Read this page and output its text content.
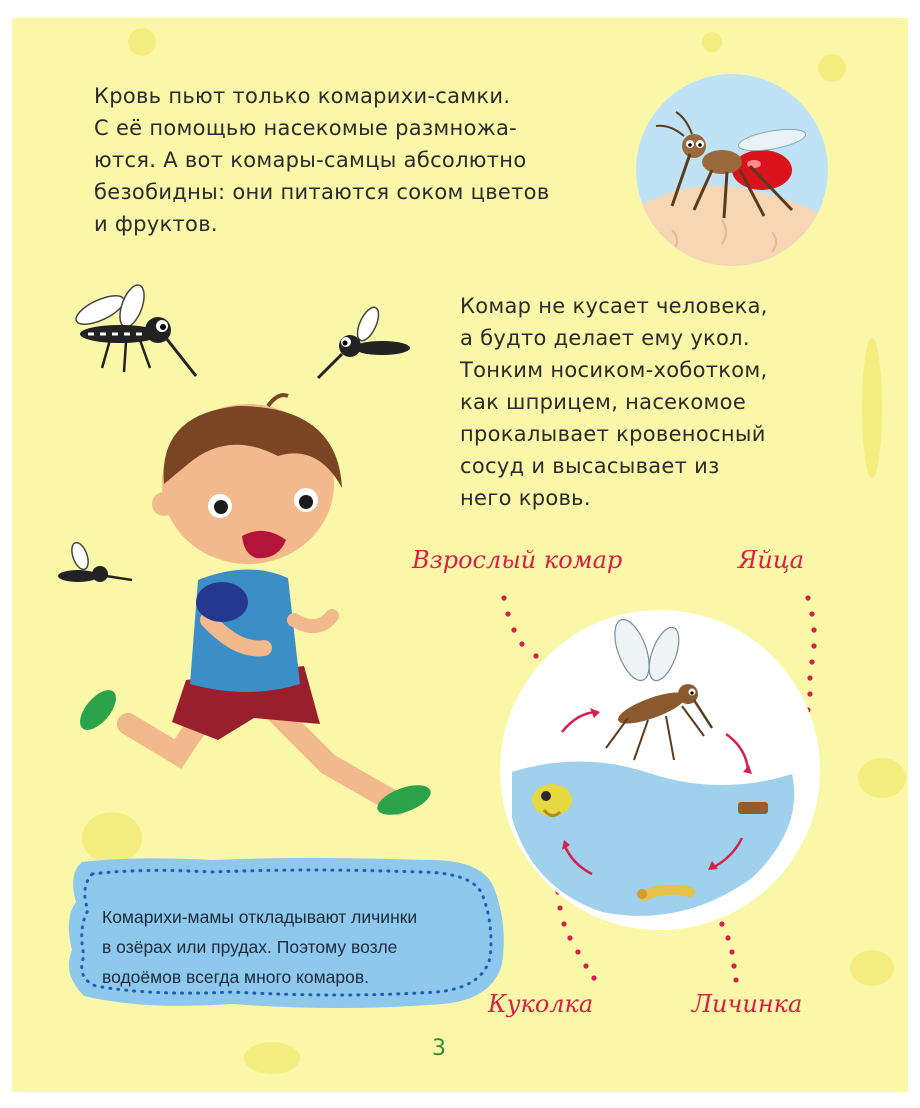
Кровь пьют только комарихи-самки.
С её помощью насекомые размножа-
ются. А вот комары-самцы абсолютно
безобидны: они питаются соком цветов
и фруктов.
Комар не кусает человека,
а будто делает ему укол.
Тонким носиком-хоботком,
как шприцем, насекомое
прокалывает кровеносный
сосуд и высасывает из
него кровь.
Взрослый комар	Яйца
Куколка	Личинка
Комарихи-мамы откладывают личинки
в озёрах или прудах. Поэтому возле
водоёмов всегда много комаров.
3
